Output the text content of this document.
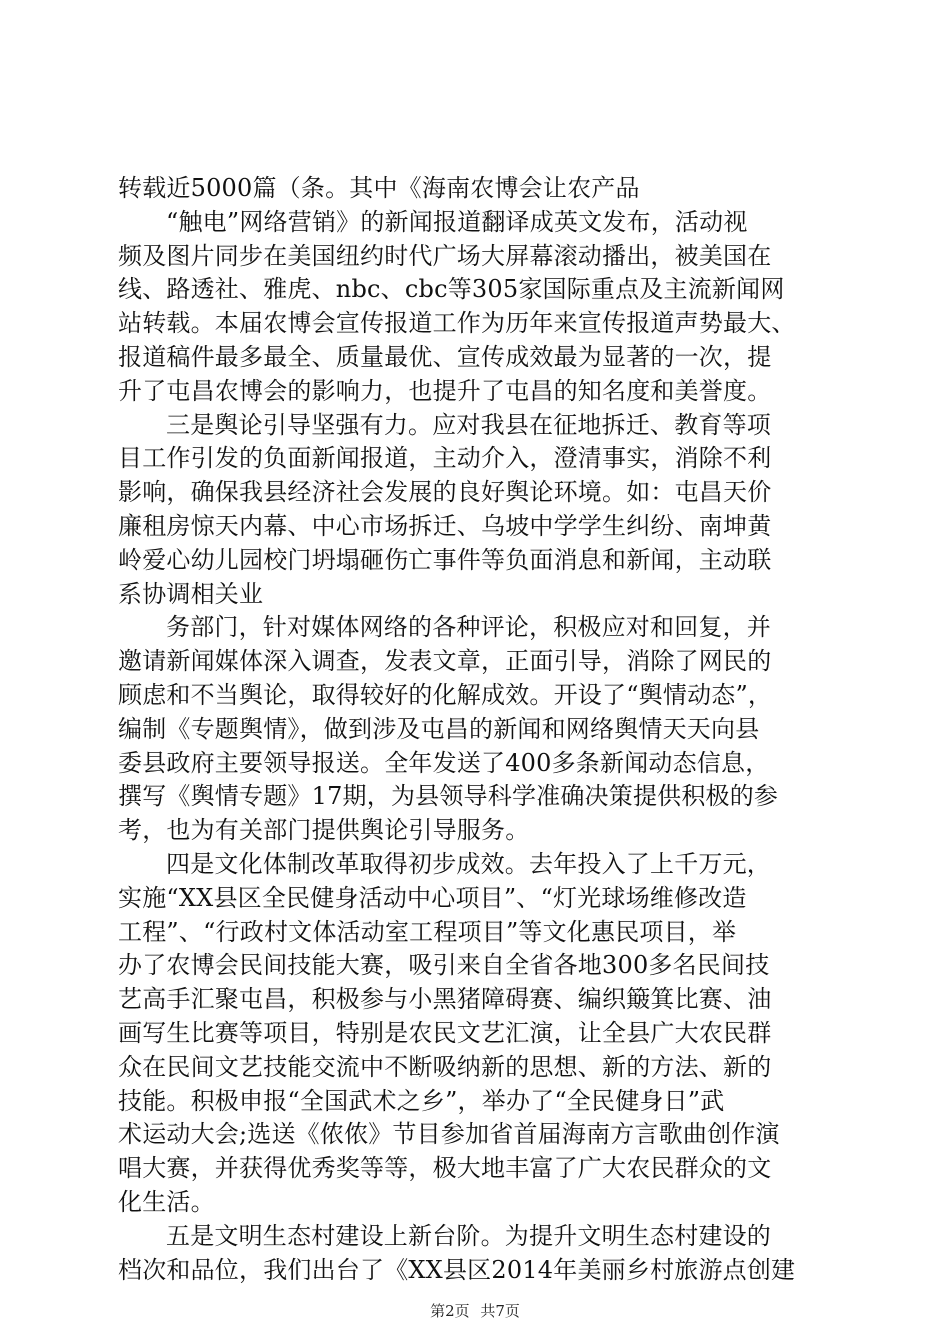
转载近5000篇（条。其中《海南农博会让农产品
“触电”网络营销》的新闻报道翻译成英文发布，活动视
频及图片同步在美国纽约时代广场大屏幕滚动播出，被美国在
线、路透社、雅虎、nbc、cbc等305家国际重点及主流新闻网
站转载。本届农博会宣传报道工作为历年来宣传报道声势最大、
报道稿件最多最全、质量最优、宣传成效最为显著的一次，提
升了屯昌农博会的影响力，也提升了屯昌的知名度和美誉度。
三是舆论引导坚强有力。应对我县在征地拆迁、教育等项
目工作引发的负面新闻报道，主动介入，澄清事实，消除不利
影响，确保我县经济社会发展的良好舆论环境。如：屯昌天价
廉租房惊天内幕、中心市场拆迁、乌坡中学学生纠纷、南坤黄
岭爱心幼儿园校门坍塌砸伤亡事件等负面消息和新闻，主动联
系协调相关业
务部门，针对媒体网络的各种评论，积极应对和回复，并
邀请新闻媒体深入调查，发表文章，正面引导，消除了网民的
顾虑和不当舆论，取得较好的化解成效。开设了“舆情动态”，
编制《专题舆情》，做到涉及屯昌的新闻和网络舆情天天向县
委县政府主要领导报送。全年发送了400多条新闻动态信息，
撰写《舆情专题》17期，为县领导科学准确决策提供积极的参
考，也为有关部门提供舆论引导服务。
四是文化体制改革取得初步成效。去年投入了上千万元，
实施“XX县区全民健身活动中心项目”、“灯光球场维修改造
工程”、“行政村文体活动室工程项目”等文化惠民项目，举
办了农博会民间技能大赛，吸引来自全省各地300多名民间技
艺高手汇聚屯昌，积极参与小黑猪障碍赛、编织簸箕比赛、油
画写生比赛等项目，特别是农民文艺汇演，让全县广大农民群
众在民间文艺技能交流中不断吸纳新的思想、新的方法、新的
技能。积极申报“全国武术之乡”，举办了“全民健身日”武
术运动大会;选送《侬侬》节目参加省首届海南方言歌曲创作演
唱大赛，并获得优秀奖等等，极大地丰富了广大农民群众的文
化生活。
五是文明生态村建设上新台阶。为提升文明生态村建设的
档次和品位，我们出台了《XX县区2014年美丽乡村旅游点创建
第2页 共7页
